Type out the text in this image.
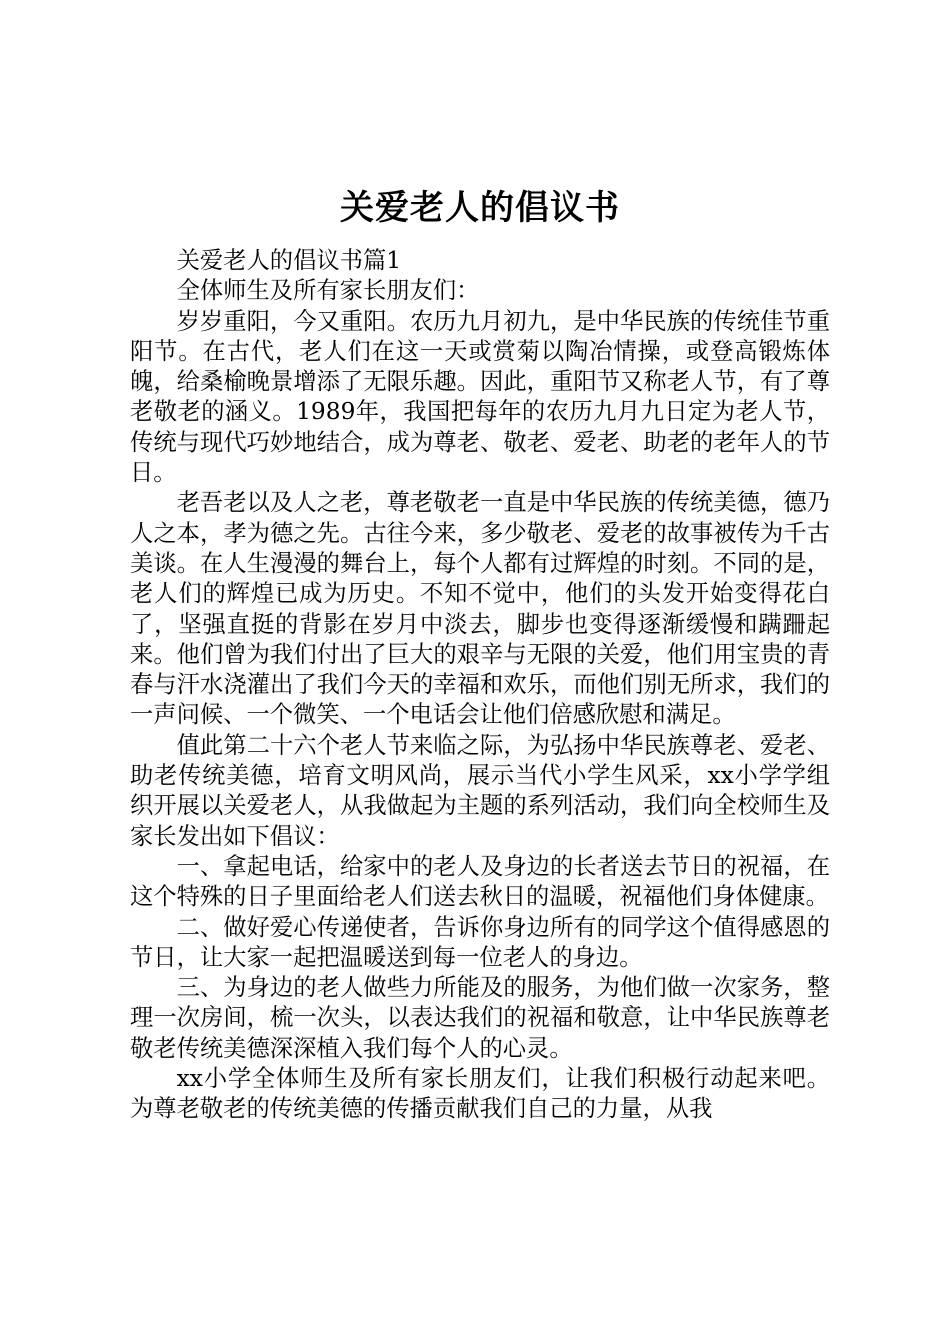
关爱老人的倡议书

关爱老人的倡议书篇1

全体师生及所有家长朋友们：

岁岁重阳，今又重阳。农历九月初九，是中华民族的传统佳节重阳节。在古代，老人们在这一天或赏菊以陶冶情操，或登高锻炼体魄，给桑榆晚景增添了无限乐趣。因此，重阳节又称老人节，有了尊老敬老的涵义。1989年，我国把每年的农历九月九日定为老人节，传统与现代巧妙地结合，成为尊老、敬老、爱老、助老的老年人的节日。

老吾老以及人之老，尊老敬老一直是中华民族的传统美德，德乃人之本，孝为德之先。古往今来，多少敬老、爱老的故事被传为千古美谈。在人生漫漫的舞台上，每个人都有过辉煌的时刻。不同的是，老人们的辉煌已成为历史。不知不觉中，他们的头发开始变得花白了，坚强直挺的背影在岁月中淡去，脚步也变得逐渐缓慢和蹒跚起来。他们曾为我们付出了巨大的艰辛与无限的关爱，他们用宝贵的青春与汗水浇灌出了我们今天的幸福和欢乐，而他们别无所求，我们的一声问候、一个微笑、一个电话会让他们倍感欣慰和满足。

值此第二十六个老人节来临之际，为弘扬中华民族尊老、爱老、助老传统美德，培育文明风尚，展示当代小学生风采，xx小学学组织开展以关爱老人，从我做起为主题的系列活动，我们向全校师生及家长发出如下倡议：

一、拿起电话，给家中的老人及身边的长者送去节日的祝福，在这个特殊的日子里面给老人们送去秋日的温暖，祝福他们身体健康。

二、做好爱心传递使者，告诉你身边所有的同学这个值得感恩的节日，让大家一起把温暖送到每一位老人的身边。

三、为身边的老人做些力所能及的服务，为他们做一次家务，整理一次房间，梳一次头，以表达我们的祝福和敬意，让中华民族尊老敬老传统美德深深植入我们每个人的心灵。

xx小学全体师生及所有家长朋友们，让我们积极行动起来吧。为尊老敬老的传统美德的传播贡献我们自己的力量，从我
